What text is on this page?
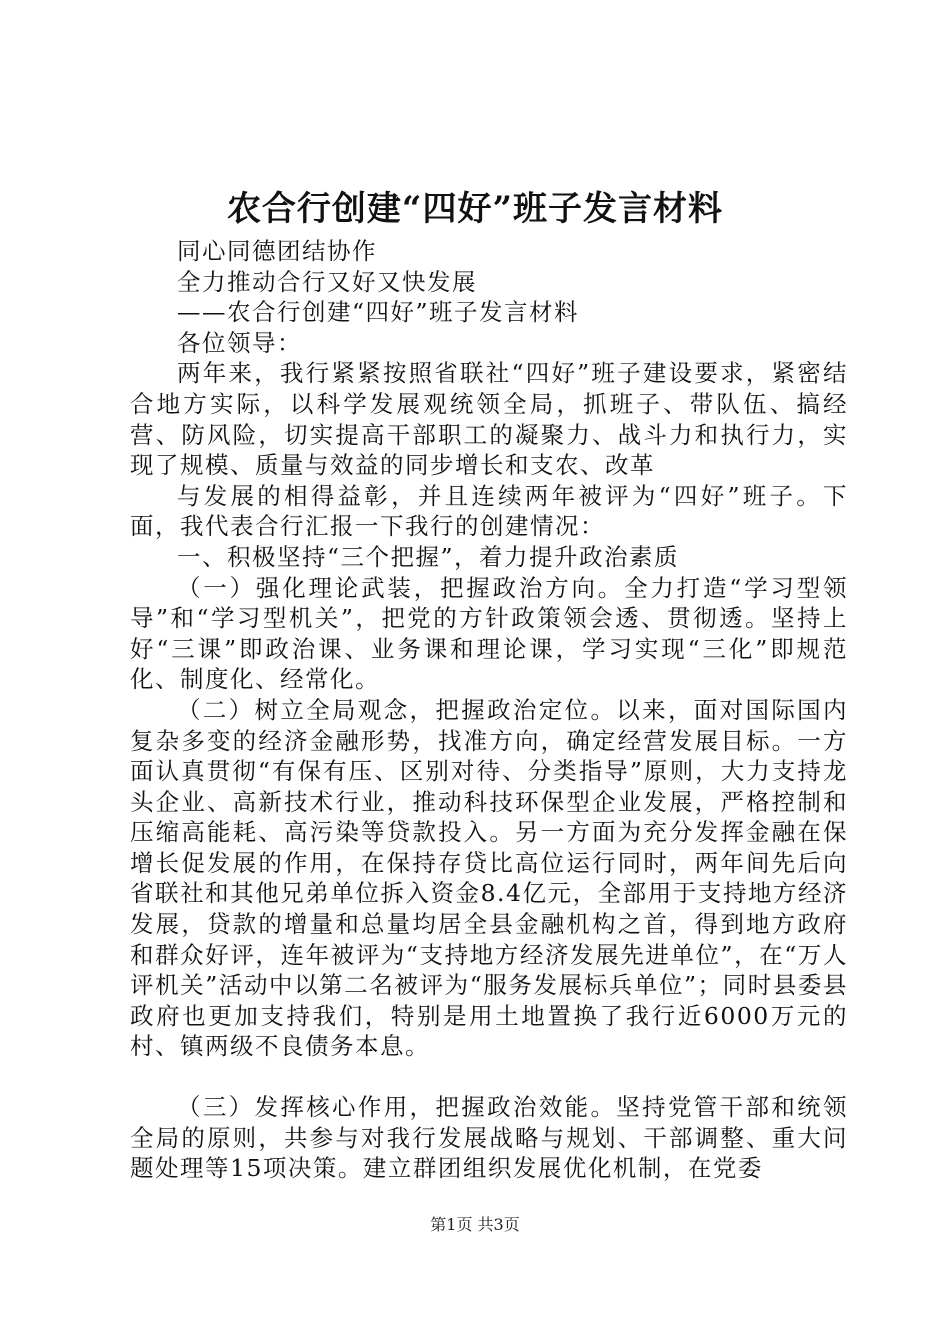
农合行创建“四好”班子发言材料

同心同德团结协作

全力推动合行又好又快发展

——农合行创建“四好”班子发言材料

各位领导：

两年来，我行紧紧按照省联社“四好”班子建设要求，紧密结合地方实际，以科学发展观统领全局，抓班子、带队伍、搞经营、防风险，切实提高干部职工的凝聚力、战斗力和执行力，实现了规模、质量与效益的同步增长和支农、改革

与发展的相得益彰，并且连续两年被评为“四好”班子。下面，我代表合行汇报一下我行的创建情况：

一、积极坚持“三个把握”，着力提升政治素质

（一）强化理论武装，把握政治方向。全力打造“学习型领导”和“学习型机关”，把党的方针政策领会透、贯彻透。坚持上好“三课”即政治课、业务课和理论课，学习实现“三化”即规范化、制度化、经常化。

（二）树立全局观念，把握政治定位。以来，面对国际国内复杂多变的经济金融形势，找准方向，确定经营发展目标。一方面认真贯彻“有保有压、区别对待、分类指导”原则，大力支持龙头企业、高新技术行业，推动科技环保型企业发展，严格控制和压缩高能耗、高污染等贷款投入。另一方面为充分发挥金融在保增长促发展的作用，在保持存贷比高位运行同时，两年间先后向省联社和其他兄弟单位拆入资金8.4亿元，全部用于支持地方经济发展，贷款的增量和总量均居全县金融机构之首，得到地方政府和群众好评，连年被评为“支持地方经济发展先进单位”，在“万人评机关”活动中以第二名被评为“服务发展标兵单位”；同时县委县政府也更加支持我们，特别是用土地置换了我行近6000万元的村、镇两级不良债务本息。

（三）发挥核心作用，把握政治效能。坚持党管干部和统领全局的原则，共参与对我行发展战略与规划、干部调整、重大问题处理等15项决策。建立群团组织发展优化机制，在党委

第1页 共3页
